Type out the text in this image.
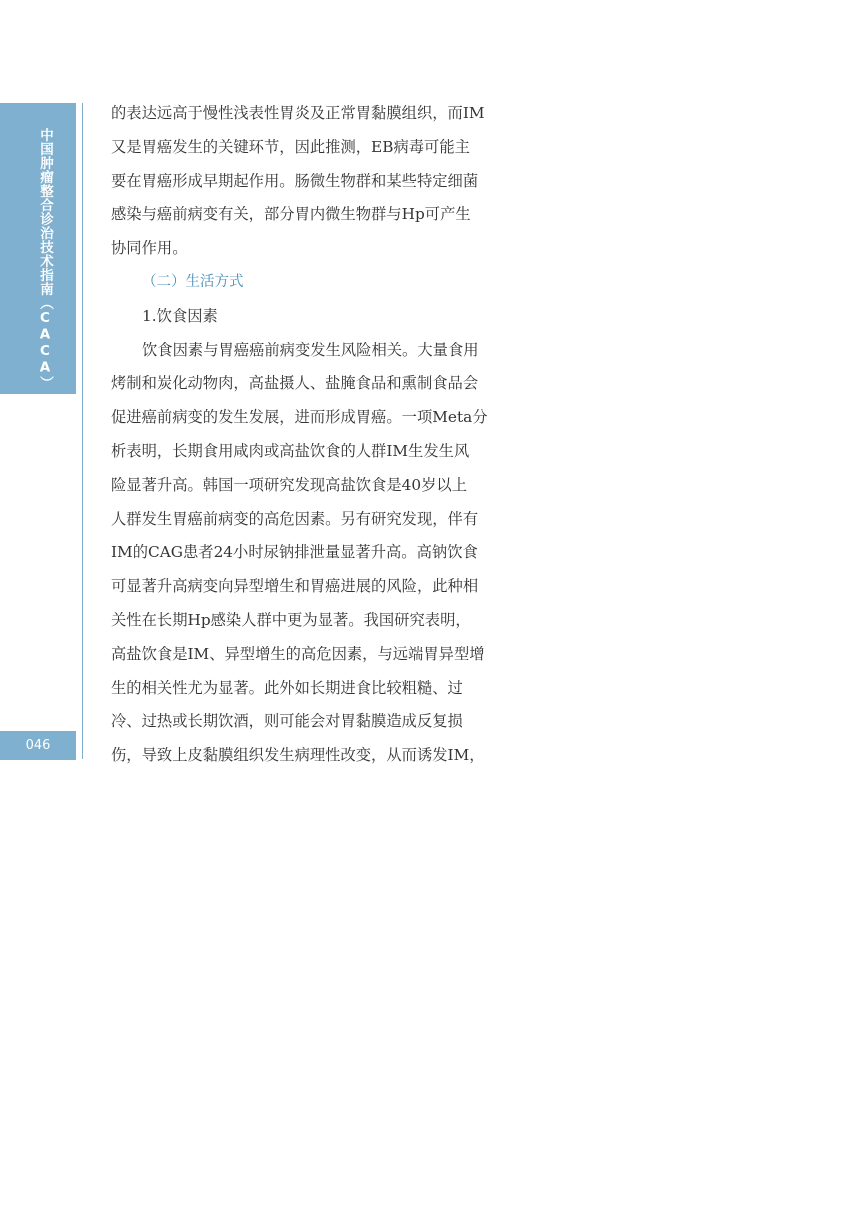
中国肿瘤整合诊治技术指南（CACA）
046
的表达远高于慢性浅表性胃炎及正常胃黏膜组织，而IM
又是胃癌发生的关键环节，因此推测，EB病毒可能主
要在胃癌形成早期起作用。肠微生物群和某些特定细菌
感染与癌前病变有关，部分胃内微生物群与Hp可产生
协同作用。
（二）生活方式
1.饮食因素
饮食因素与胃癌癌前病变发生风险相关。大量食用
烤制和炭化动物肉，高盐摄人、盐腌食品和熏制食品会
促进癌前病变的发生发展，进而形成胃癌。一项Meta分
析表明，长期食用咸肉或高盐饮食的人群IM生发生风
险显著升高。韩国一项研究发现高盐饮食是40岁以上
人群发生胃癌前病变的高危因素。另有研究发现，伴有
IM的CAG患者24小时尿钠排泄量显著升高。高钠饮食
可显著升高病变向异型增生和胃癌进展的风险，此种相
关性在长期Hp感染人群中更为显著。我国研究表明，
高盐饮食是IM、异型增生的高危因素，与远端胃异型增
生的相关性尤为显著。此外如长期进食比较粗糙、过
冷、过热或长期饮酒，则可能会对胃黏膜造成反复损
伤，导致上皮黏膜组织发生病理性改变，从而诱发IM，
